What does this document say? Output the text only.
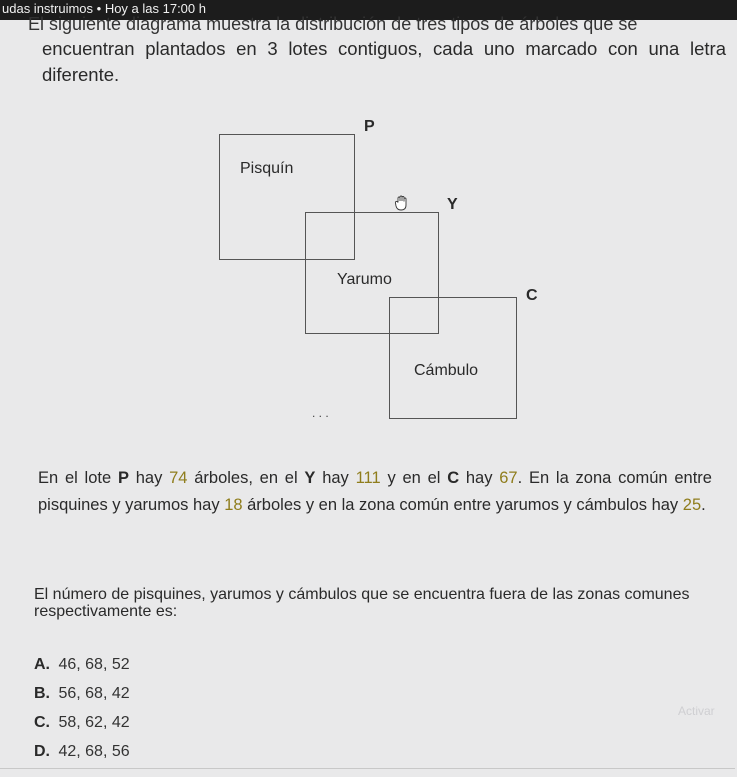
udas instruimos • Hoy a las 17:00 h
El siguiente diagrama muestra la distribución de tres tipos de árboles que se
encuentran plantados en 3 lotes contiguos, cada uno marcado con una letra diferente.
P
Y
C
Pisquín
Yarumo
Cámbulo
. . .
En el lote P hay 74 árboles, en el Y hay 111 y en el C hay 67. En la zona común entre pisquines y yarumos hay 18 árboles y en la zona común entre yarumos y cámbulos hay 25.
El número de pisquines, yarumos y cámbulos que se encuentra fuera de las zonas comunes respectivamente es:
A. 46, 68, 52
B. 56, 68, 42
C. 58, 62, 42
D. 42, 68, 56
Activar
